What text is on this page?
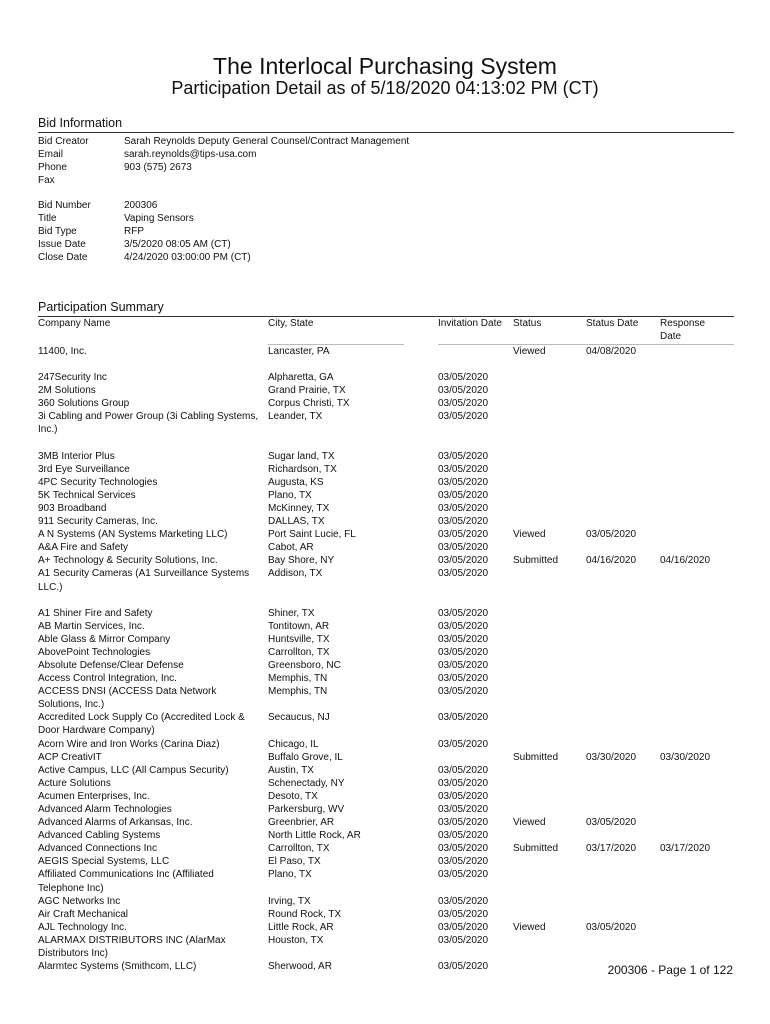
The Interlocal Purchasing System
Participation Detail as of 5/18/2020 04:13:02 PM (CT)
Bid Information
Bid Creator	Sarah Reynolds Deputy General Counsel/Contract Management
Email	sarah.reynolds@tips-usa.com
Phone	903 (575) 2673
Fax
Bid Number	200306
Title	Vaping Sensors
Bid Type	RFP
Issue Date	3/5/2020 08:05 AM (CT)
Close Date	4/24/2020 03:00:00 PM (CT)
Participation Summary
Company Name	City, State	Invitation Date Status	Status Date Response
Date
11400, Inc.	Lancaster, PA	Viewed	04/08/2020
247Security Inc	Alpharetta, GA	03/05/2020
2M Solutions	Grand Prairie, TX	03/05/2020
360 Solutions Group	Corpus Christi, TX	03/05/2020
3i Cabling and Power Group (3i Cabling Systems, Inc.)
Leander, TX	03/05/2020
3MB Interior Plus	Sugar land, TX	03/05/2020
3rd Eye Surveillance	Richardson, TX	03/05/2020
4PC Security Technologies	Augusta, KS	03/05/2020
5K Technical Services	Plano, TX	03/05/2020
903 Broadband	McKinney, TX	03/05/2020
911 Security Cameras, Inc.	DALLAS, TX	03/05/2020
A N Systems (AN Systems Marketing LLC)	Port Saint Lucie, FL	03/05/2020 Viewed	03/05/2020
A&A Fire and Safety	Cabot, AR	03/05/2020
A+ Technology & Security Solutions, Inc.	Bay Shore, NY	03/05/2020 Submitted	04/16/2020 04/16/2020
A1 Security Cameras (A1 Surveillance Systems LLC.)
Addison, TX	03/05/2020
A1 Shiner Fire and Safety	Shiner, TX	03/05/2020
AB Martin Services, Inc.	Tontitown, AR	03/05/2020
Able Glass & Mirror Company	Huntsville, TX	03/05/2020
AbovePoint Technologies	Carrollton, TX	03/05/2020
Absolute Defense/Clear Defense	Greensboro, NC	03/05/2020
Access Control Integration, Inc.	Memphis, TN	03/05/2020
ACCESS DNSI (ACCESS Data Network Solutions, Inc.)
Memphis, TN	03/05/2020
Accredited Lock Supply Co (Accredited Lock & Door Hardware Company)
Secaucus, NJ	03/05/2020
Acorn Wire and Iron Works (Carina Diaz)	Chicago, IL	03/05/2020
ACP CreativIT	Buffalo Grove, IL	Submitted	03/30/2020 03/30/2020
Active Campus, LLC (All Campus Security)	Austin, TX	03/05/2020
Acture Solutions	Schenectady, NY	03/05/2020
Acumen Enterprises, Inc.	Desoto, TX	03/05/2020
Advanced Alarm Technologies	Parkersburg, WV	03/05/2020
Advanced Alarms of Arkansas, Inc.	Greenbrier, AR	03/05/2020 Viewed	03/05/2020
Advanced Cabling Systems	North Little Rock, AR	03/05/2020
Advanced Connections Inc	Carrollton, TX	03/05/2020 Submitted	03/17/2020 03/17/2020
AEGIS Special Systems, LLC	El Paso, TX	03/05/2020
Affiliated Communications Inc (Affiliated Telephone Inc)
Plano, TX	03/05/2020
AGC Networks Inc	Irving, TX	03/05/2020
Air Craft Mechanical	Round Rock, TX	03/05/2020
AJL Technology Inc.	Little Rock, AR	03/05/2020 Viewed	03/05/2020
ALARMAX DISTRIBUTORS INC (AlarMax Distributors Inc)
Houston, TX	03/05/2020
Alarmtec Systems (Smithcom, LLC)	Sherwood, AR	03/05/2020	200306 - Page 1 of 122
